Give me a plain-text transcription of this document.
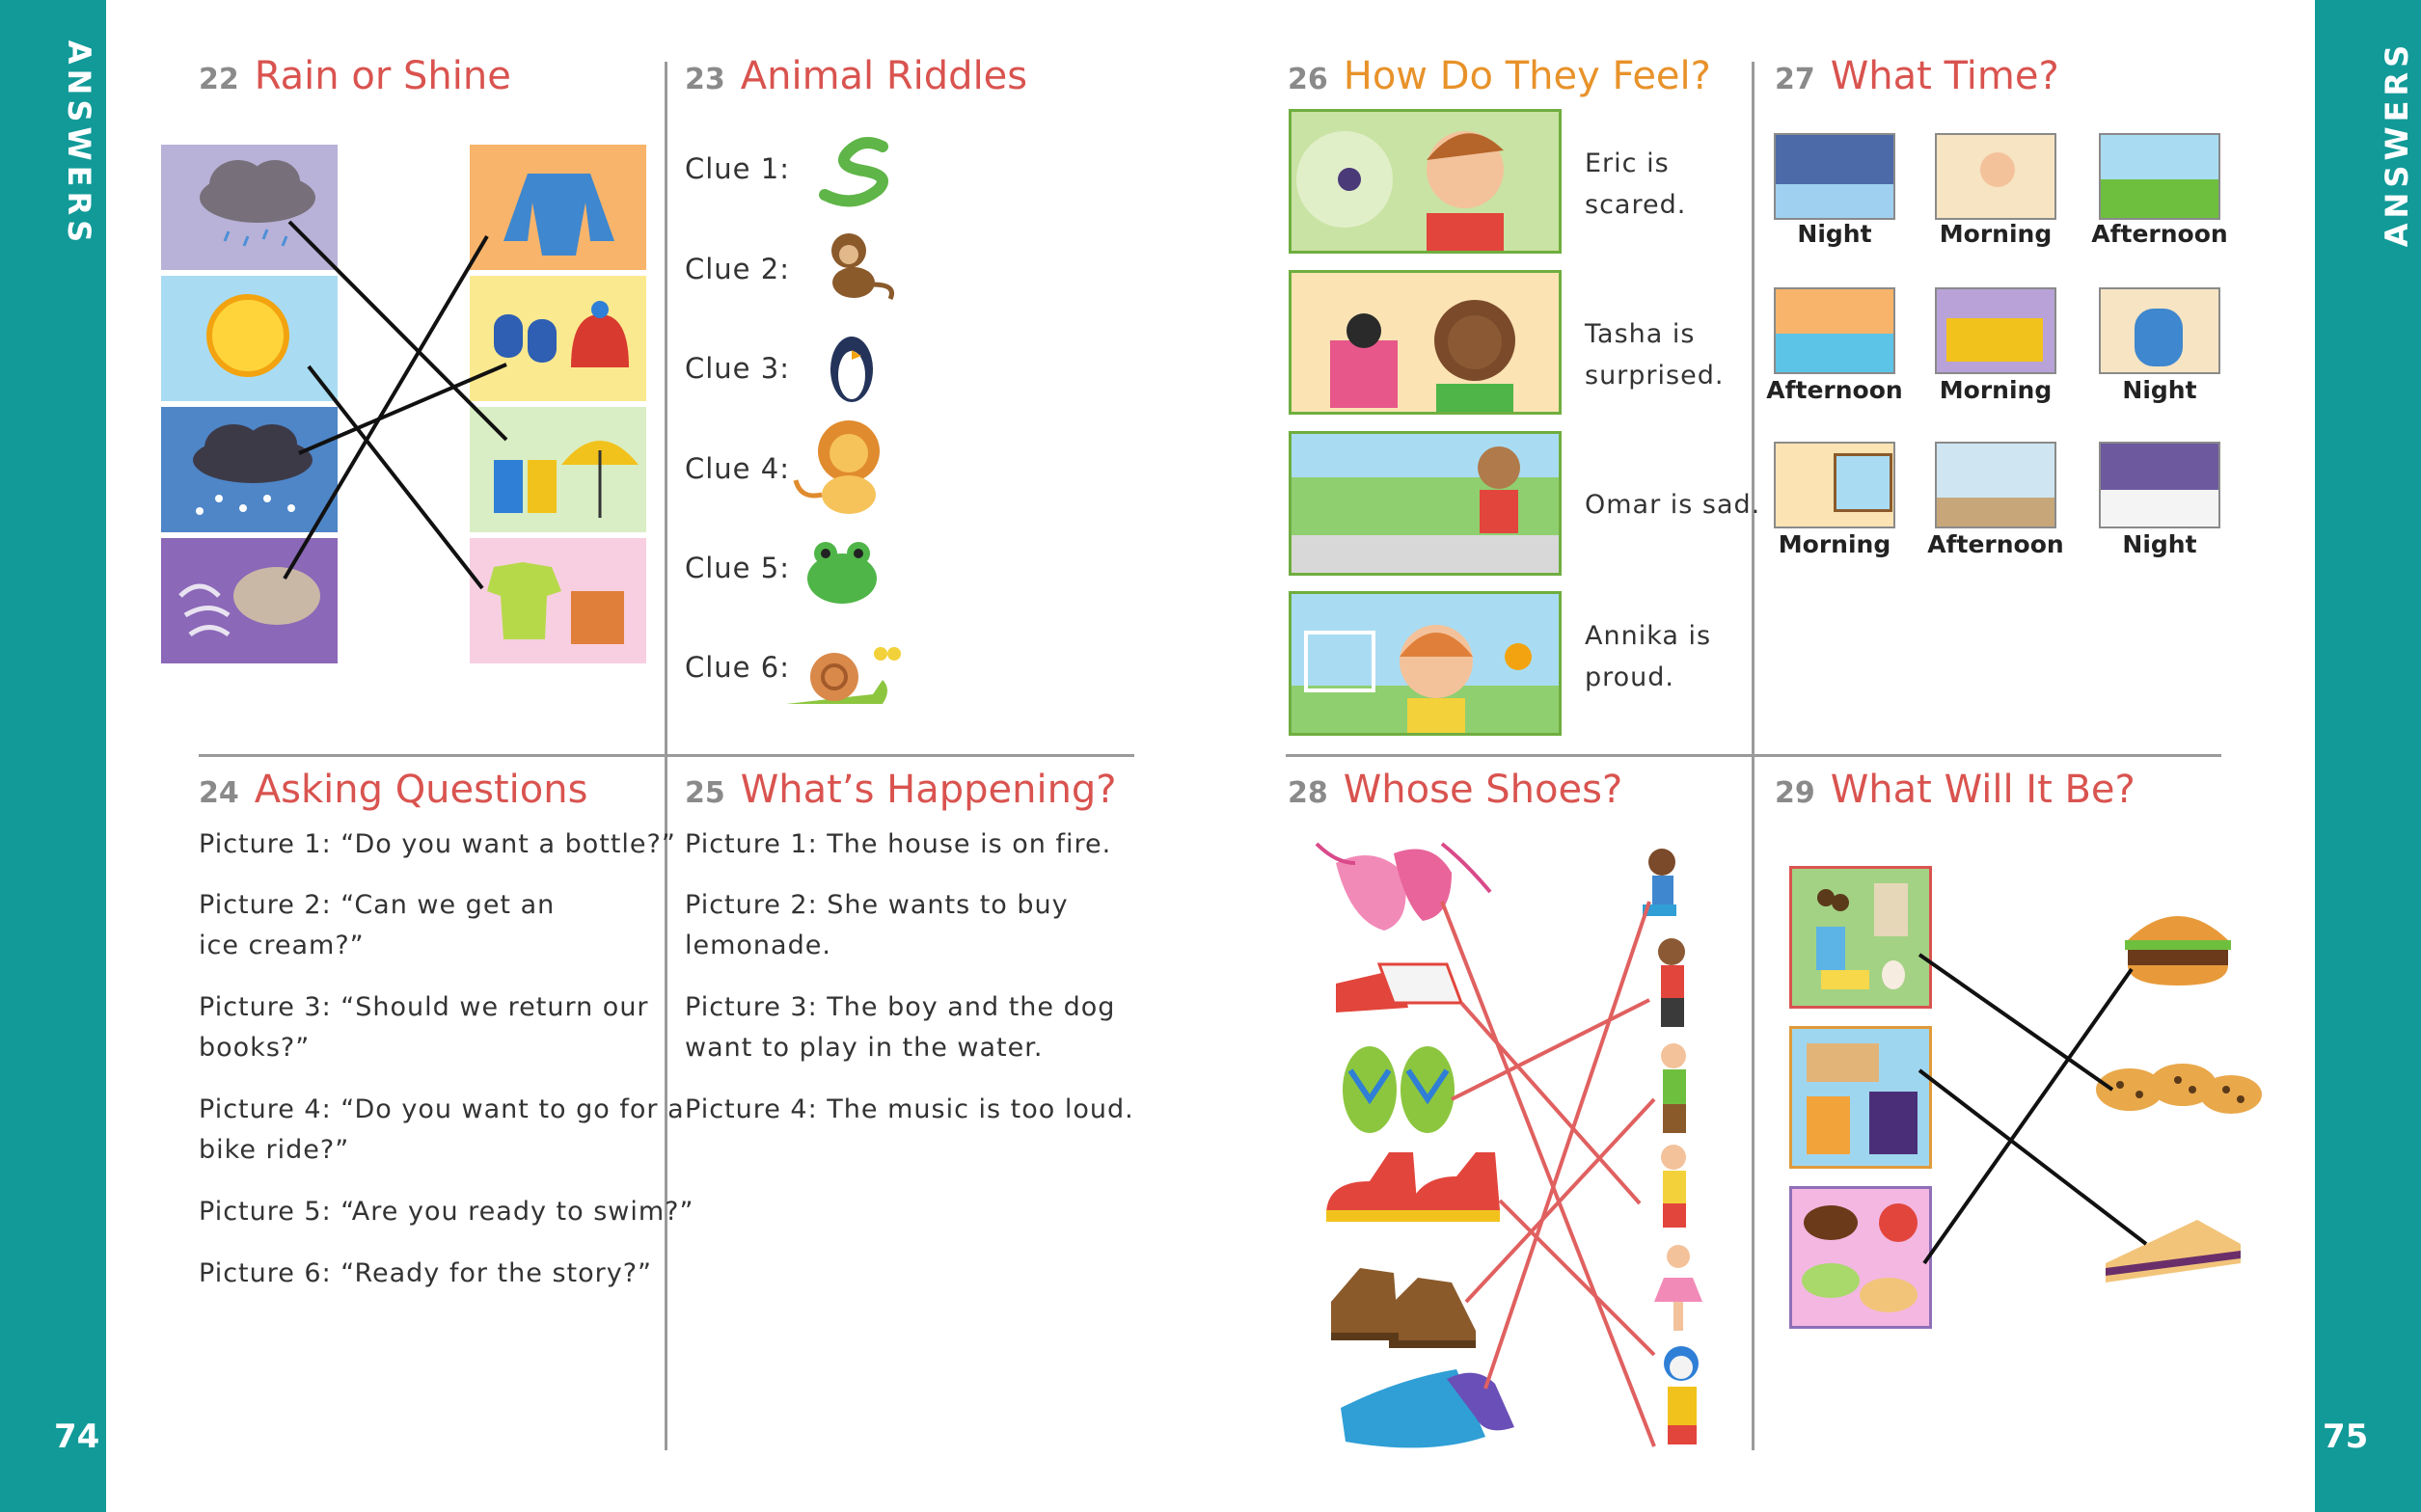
ANSWERS	ANSWERS
74	75
22 Rain or Shine	23 Animal Riddles
Clue 1:
Clue 2:
Clue 3:
Clue 4:
Clue 5:
Clue 6:
24 Asking Questions
Picture 1: “Do you want a bottle?”
Picture 2: “Can we get an
ice cream?”
Picture 3: “Should we return our
books?”
Picture 4: “Do you want to go for a
bike ride?”
Picture 5: “Are you ready to swim?”
Picture 6: “Ready for the story?”
25 What’s Happening?
Picture 1: The house is on fire.
Picture 2: She wants to buy
lemonade.
Picture 3: The boy and the dog
want to play in the water.
Picture 4: The music is too loud.
26 How Do They Feel?
Eric is
scared.
Tasha is
surprised.
Omar is sad.
Annika is
proud.
27 What Time?
Night	Morning	Afternoon
Afternoon	Morning	Night
Morning	Afternoon	Night
28 Whose Shoes?	29 What Will It Be?
